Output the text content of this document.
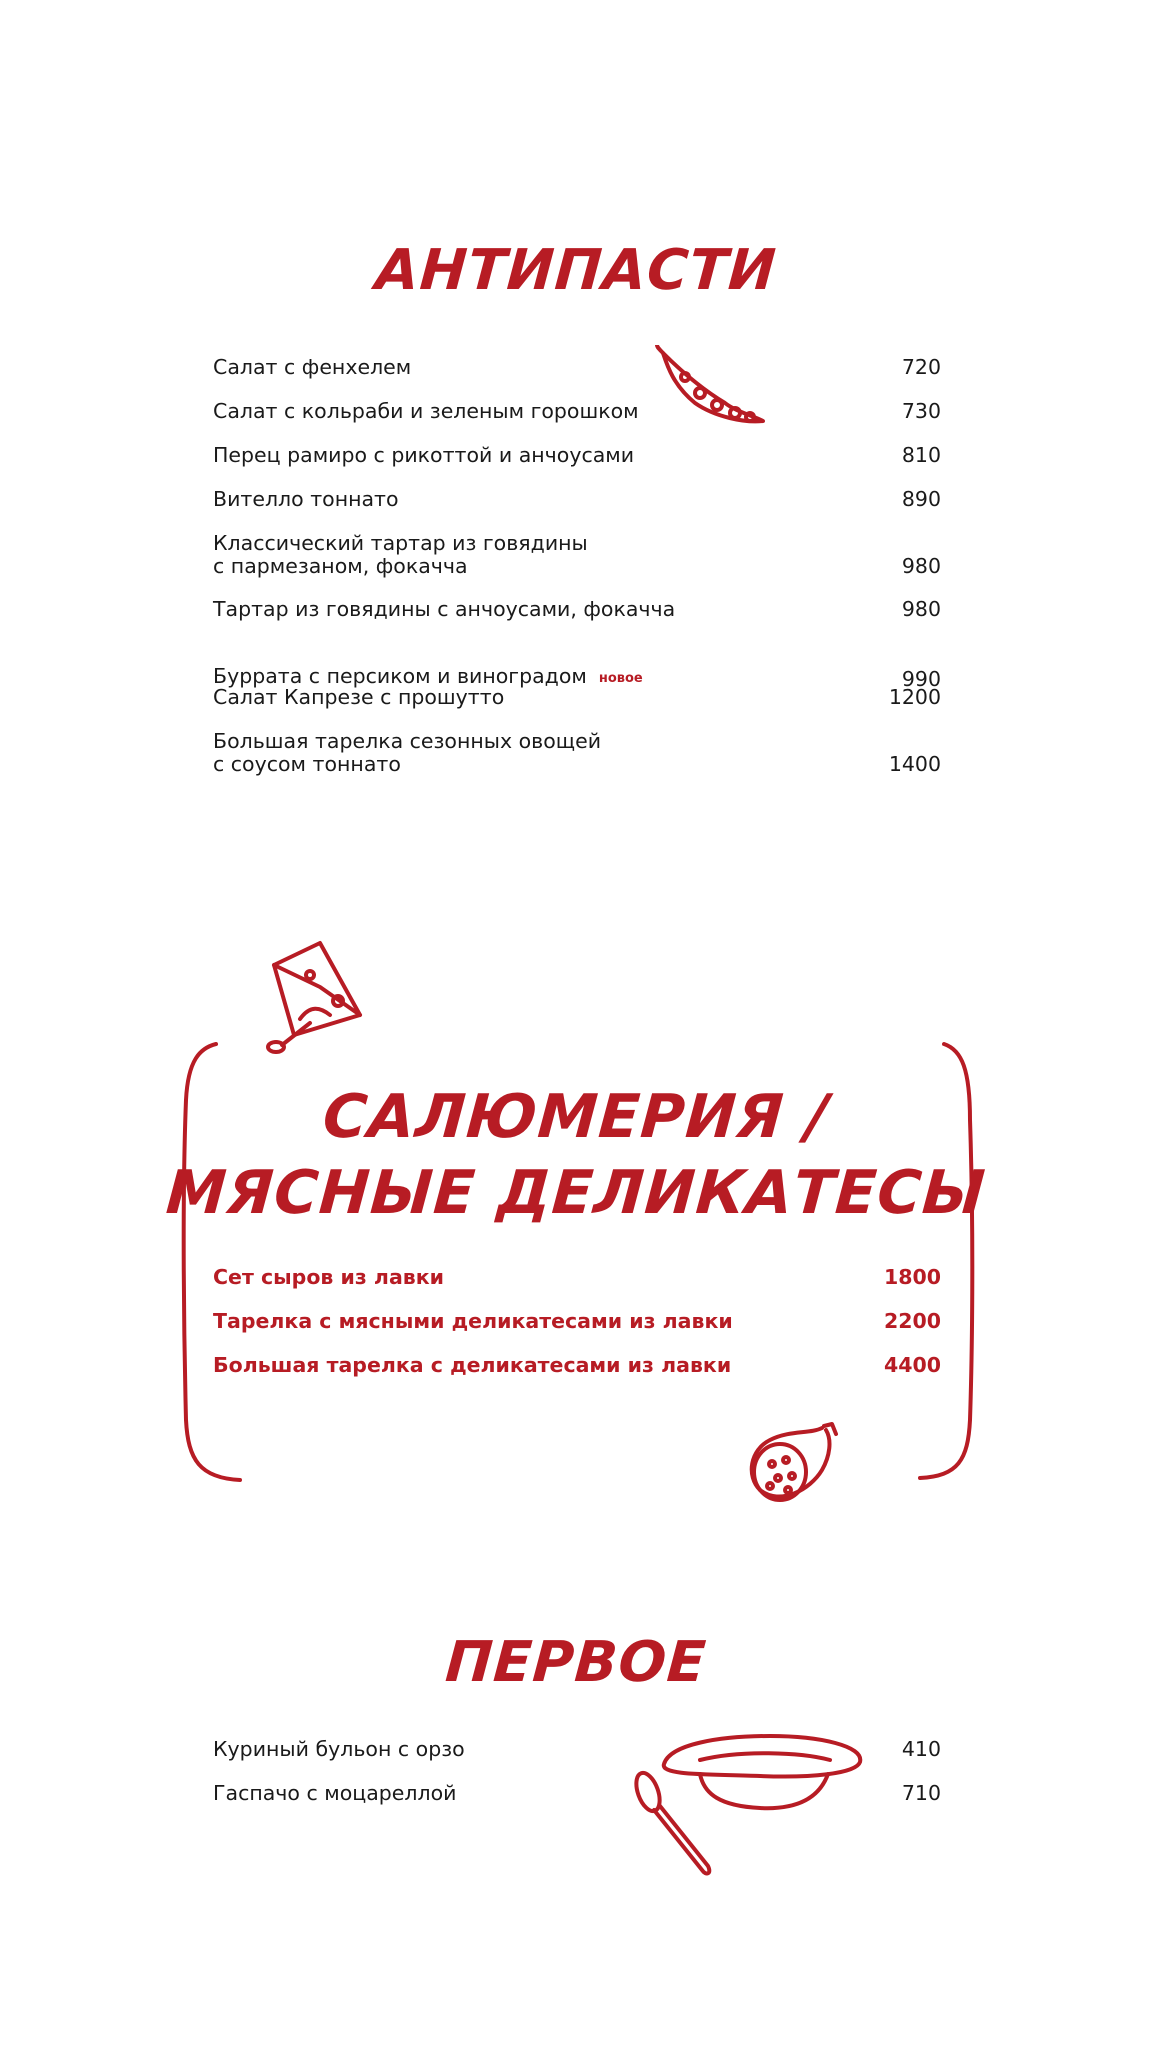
АНТИПАСТИ
Салат с фенхелем	720
Салат с кольраби и зеленым горошком	730
Перец рамиро с рикоттой и анчоусами	810
Вителло тоннато	890
Классический тартар из говядины
с пармезаном, фокачча	980
Тартар из говядины с анчоусами, фокачча	980

Буррата с персиком и виноградом новое	990
Салат Капрезе с прошутто	1200
Большая тарелка сезонных овощей
с соусом тоннато	1400
САЛЮМЕРИЯ /
МЯСНЫЕ ДЕЛИКАТЕСЫ
Сет сыров из лавки	1800
Тарелка с мясными деликатесами из лавки	2200
Большая тарелка с деликатесами из лавки	4400
ПЕРВОЕ
Куриный бульон с орзо	410
Гаспачо с моцареллой	710
